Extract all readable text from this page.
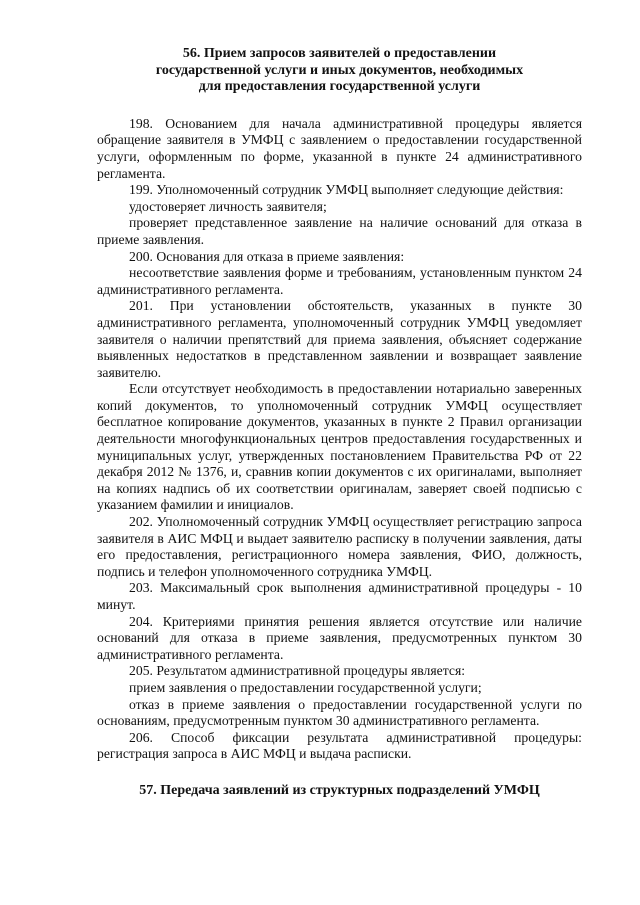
56. Прием запросов заявителей о предоставлении
государственной услуги и иных документов, необходимых
для предоставления государственной услуги

198. Основанием для начала административной процедуры является обращение заявителя в УМФЦ с заявлением о предоставлении государственной услуги, оформленным по форме, указанной в пункте 24 административного регламента.

199. Уполномоченный сотрудник УМФЦ выполняет следующие действия:

удостоверяет личность заявителя;

проверяет представленное заявление на наличие оснований для отказа в приеме заявления.

200. Основания для отказа в приеме заявления:

несоответствие заявления форме и требованиям, установленным пунктом 24 административного регламента.

201. При установлении обстоятельств, указанных в пункте 30 административного регламента, уполномоченный сотрудник УМФЦ уведомляет заявителя о наличии препятствий для приема заявления, объясняет содержание выявленных недостатков в представленном заявлении и возвращает заявление заявителю.

Если отсутствует необходимость в предоставлении нотариально заверенных копий документов, то уполномоченный сотрудник УМФЦ осуществляет бесплатное копирование документов, указанных в пункте 2 Правил организации деятельности многофункциональных центров предоставления государственных и муниципальных услуг, утвержденных постановлением Правительства РФ от 22 декабря 2012 № 1376, и, сравнив копии документов с их оригиналами, выполняет на копиях надпись об их соответствии оригиналам, заверяет своей подписью с указанием фамилии и инициалов.

202. Уполномоченный сотрудник УМФЦ осуществляет регистрацию запроса заявителя в АИС МФЦ и выдает заявителю расписку в получении заявления, даты его предоставления, регистрационного номера заявления, ФИО, должность, подпись и телефон уполномоченного сотрудника УМФЦ.

203. Максимальный срок выполнения административной процедуры - 10 минут.

204. Критериями принятия решения является отсутствие или наличие оснований для отказа в приеме заявления, предусмотренных пунктом 30 административного регламента.

205. Результатом административной процедуры является:

прием заявления о предоставлении государственной услуги;

отказ в приеме заявления о предоставлении государственной услуги по основаниям, предусмотренным пунктом 30 административного регламента.

206. Способ фиксации результата административной процедуры: регистрация запроса в АИС МФЦ и выдача расписки.

57. Передача заявлений из структурных подразделений УМФЦ
